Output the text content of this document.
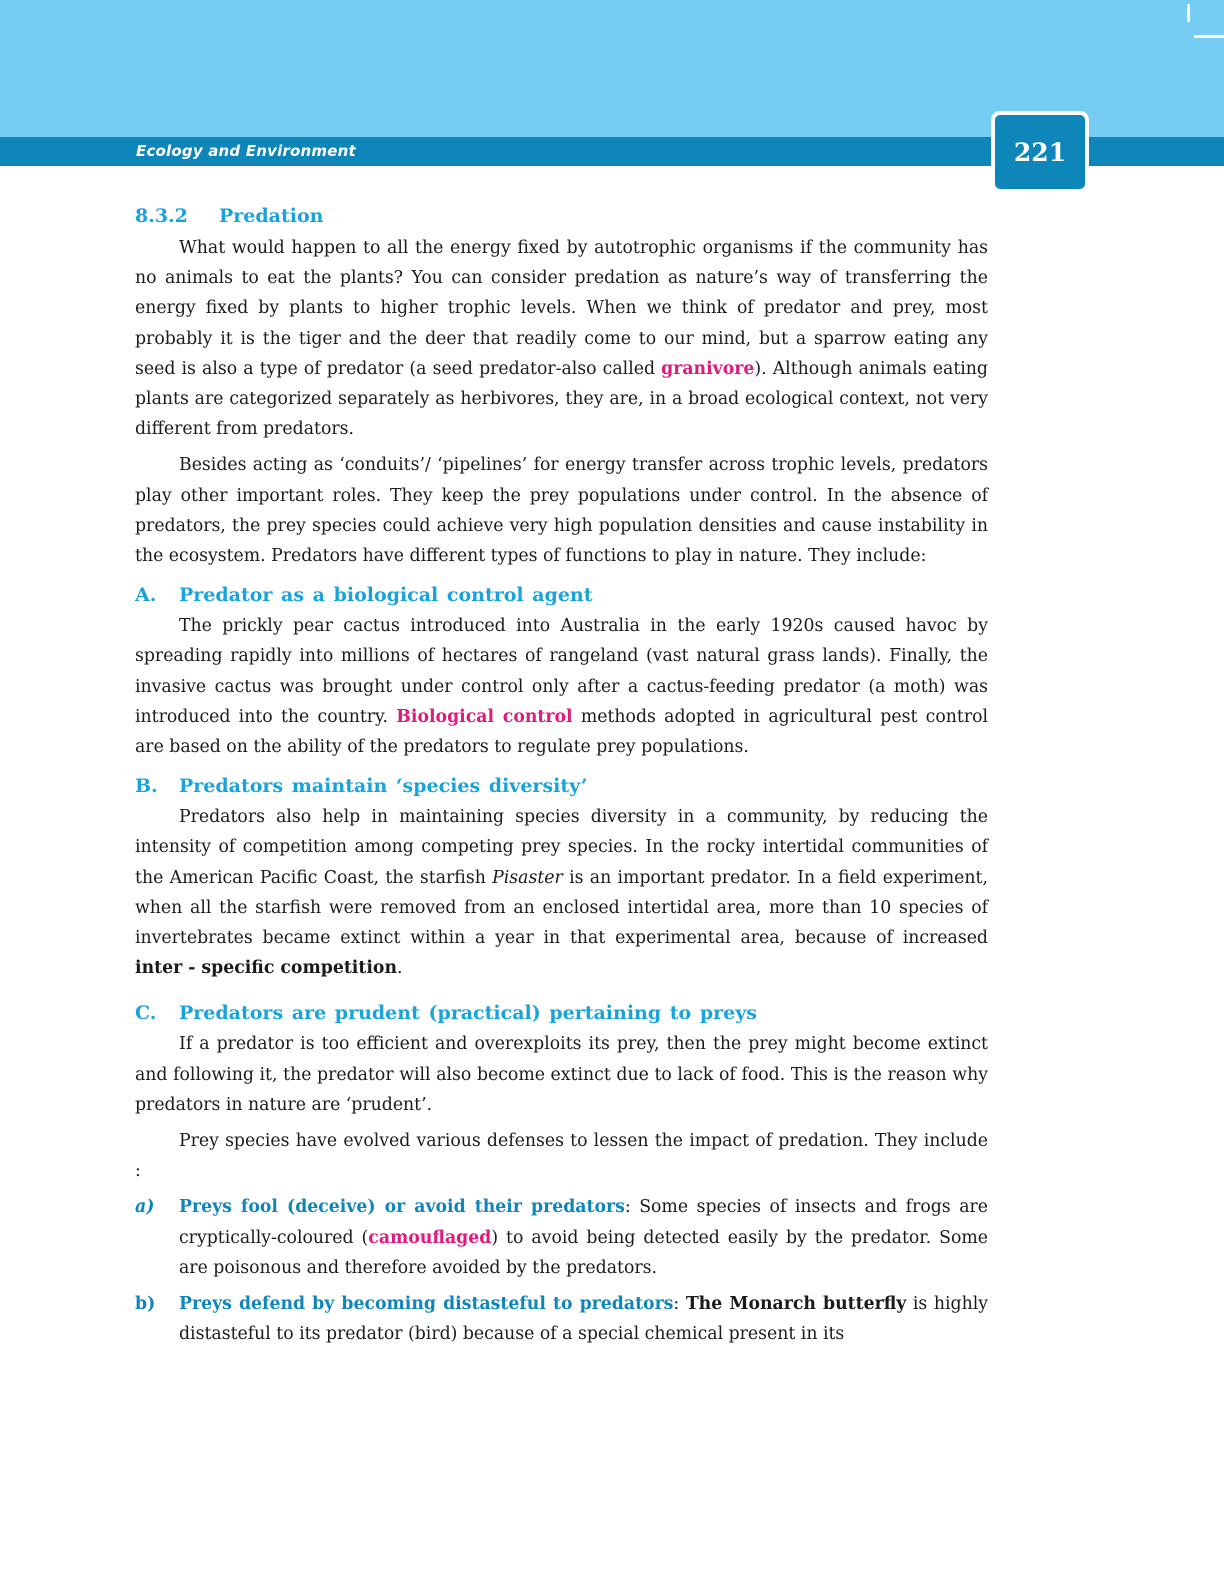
Ecology and Environment	221
8.3.2 Predation

What would happen to all the energy fixed by autotrophic organisms if the community has no animals to eat the plants? You can consider predation as nature’s way of transferring the energy fixed by plants to higher trophic levels. When we think of predator and prey, most probably it is the tiger and the deer that readily come to our mind, but a sparrow eating any seed is also a type of predator (a seed predator-also called granivore). Although animals eating plants are categorized separately as herbivores, they are, in a broad ecological context, not very different from predators.

Besides acting as ‘conduits’/ ‘pipelines’ for energy transfer across trophic levels, predators play other important roles. They keep the prey populations under control. In the absence of predators, the prey species could achieve very high population densities and cause instability in the ecosystem. Predators have different types of functions to play in nature. They include:

A. Predator as a biological control agent

The prickly pear cactus introduced into Australia in the early 1920s caused havoc by spreading rapidly into millions of hectares of rangeland (vast natural grass lands). Finally, the invasive cactus was brought under control only after a cactus-feeding predator (a moth) was introduced into the country. Biological control methods adopted in agricultural pest control are based on the ability of the predators to regulate prey populations.

B. Predators maintain ‘species diversity’

Predators also help in maintaining species diversity in a community, by reducing the intensity of competition among competing prey species. In the rocky intertidal communities of the American Pacific Coast, the starfish Pisaster is an important predator. In a field experiment, when all the starfish were removed from an enclosed intertidal area, more than 10 species of invertebrates became extinct within a year in that experimental area, because of increased inter - specific competition.

C. Predators are prudent (practical) pertaining to preys

If a predator is too efficient and overexploits its prey, then the prey might become extinct and following it, the predator will also become extinct due to lack of food. This is the reason why predators in nature are ‘prudent’.

Prey species have evolved various defenses to lessen the impact of predation. They include :

a) Preys fool (deceive) or avoid their predators: Some species of insects and frogs are cryptically-coloured (camouflaged) to avoid being detected easily by the predator. Some are poisonous and therefore avoided by the predators.
b) Preys defend by becoming distasteful to predators: The Monarch butterfly is highly distasteful to its predator (bird) because of a special chemical present in its
